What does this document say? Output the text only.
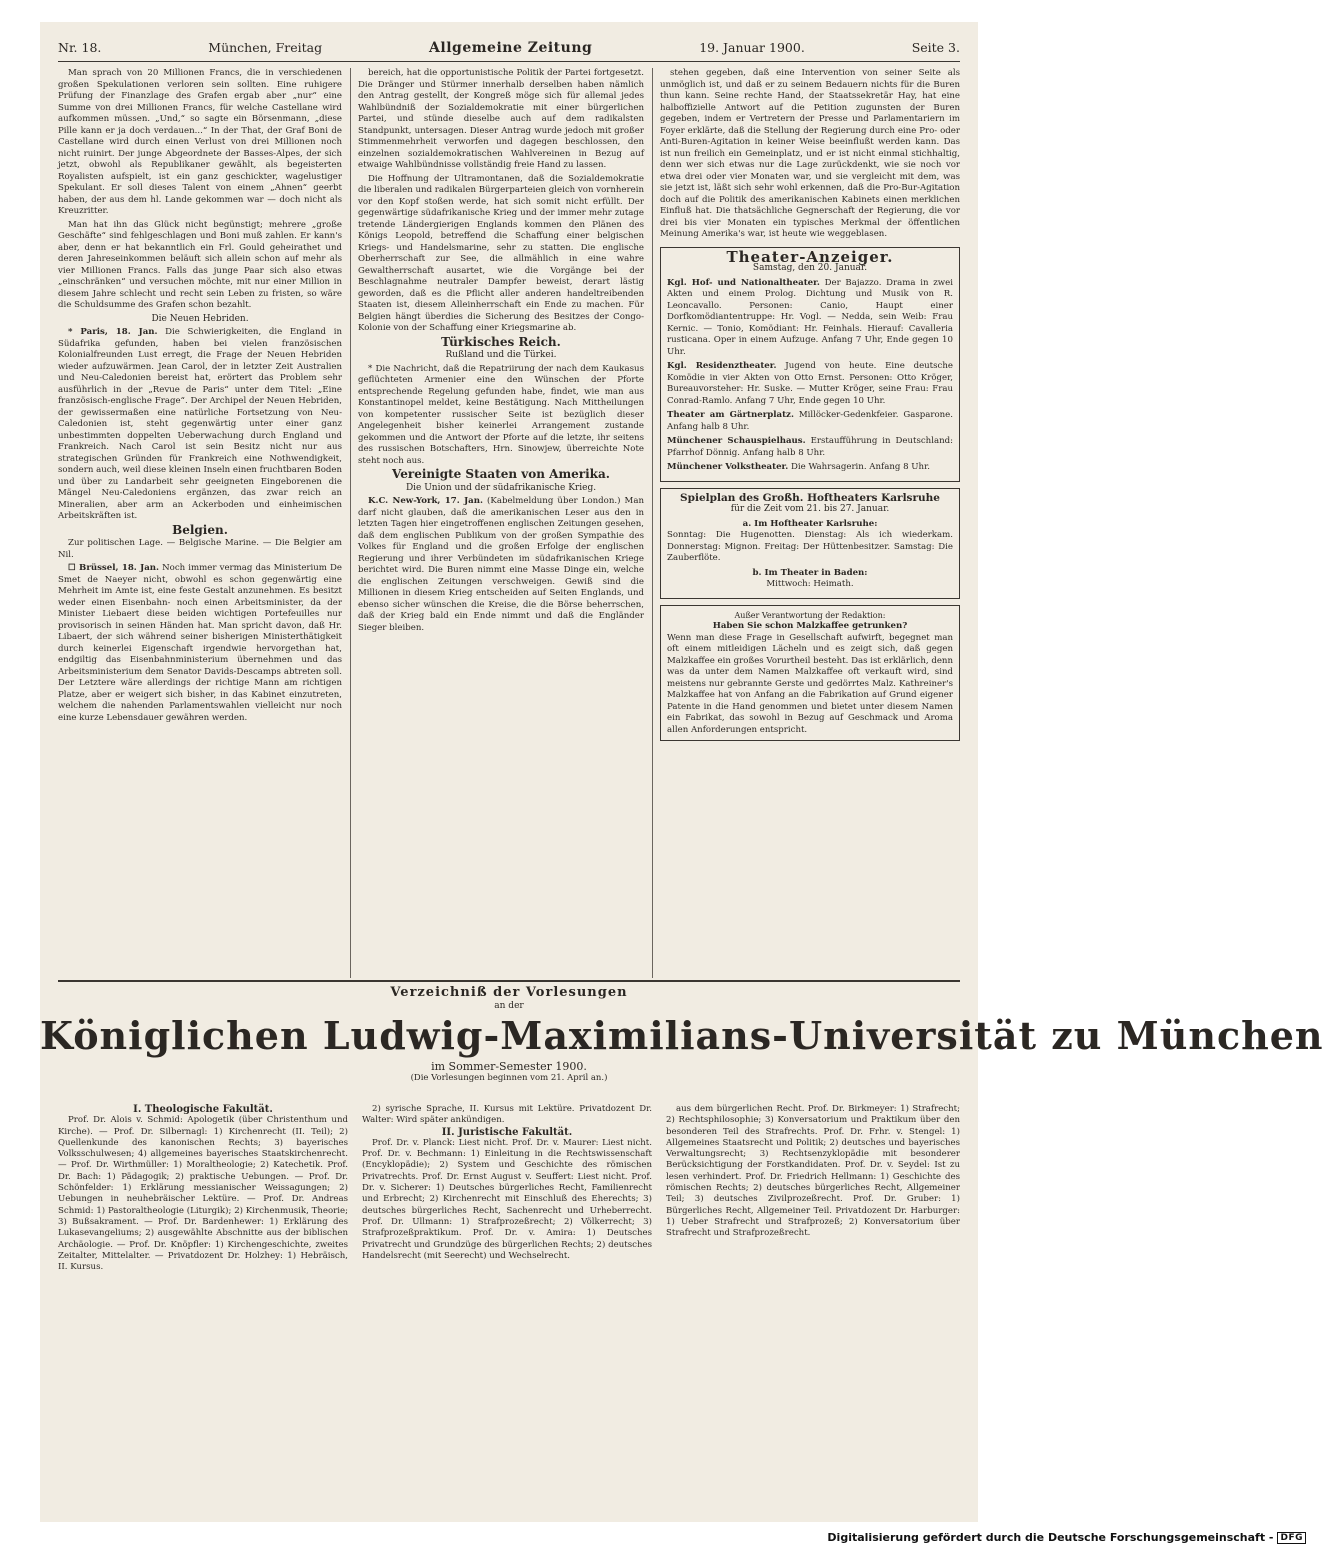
Nr. 18.	München, Freitag	Allgemeine Zeitung	19. Januar 1900.	Seite 3.

Man sprach von 20 Millionen Francs, die in verschiedenen großen Spekulationen verloren sein sollten. Eine ruhigere Prüfung der Finanzlage des Grafen ergab aber „nur“ eine Summe von drei Millionen Francs, für welche Castellane wird aufkommen müssen. „Und,“ so sagte ein Börsenmann, „diese Pille kann er ja doch verdauen...“ In der That, der Graf Boni de Castellane wird durch einen Verlust von drei Millionen noch nicht ruinirt. Der junge Abgeordnete der Basses-Alpes, der sich jetzt, obwohl als Republikaner gewählt, als begeisterten Royalisten aufspielt, ist ein ganz geschickter, wagelustiger Spekulant. Er soll dieses Talent von einem „Ahnen“ geerbt haben, der aus dem hl. Lande gekommen war — doch nicht als Kreuzritter.

Man hat ihn das Glück nicht begünstigt; mehrere „große Geschäfte“ sind fehlgeschlagen und Boni muß zahlen. Er kann's aber, denn er hat bekanntlich ein Frl. Gould geheirathet und deren Jahreseinkommen beläuft sich allein schon auf mehr als vier Millionen Francs. Falls das junge Paar sich also etwas „einschränken“ und versuchen möchte, mit nur einer Million in diesem Jahre schlecht und recht sein Leben zu fristen, so wäre die Schuldsumme des Grafen schon bezahlt.

Die Neuen Hebriden.

* Paris, 18. Jan. Die Schwierigkeiten, die England in Südafrika gefunden, haben bei vielen französischen Kolonialfreunden Lust erregt, die Frage der Neuen Hebriden wieder aufzuwärmen. Jean Carol, der in letzter Zeit Australien und Neu-Caledonien bereist hat, erörtert das Problem sehr ausführlich in der „Revue de Paris“ unter dem Titel: „Eine französisch-englische Frage“. Der Archipel der Neuen Hebriden, der gewissermaßen eine natürliche Fortsetzung von Neu-Caledonien ist, steht gegenwärtig unter einer ganz unbestimmten doppelten Ueberwachung durch England und Frankreich. Nach Carol ist sein Besitz nicht nur aus strategischen Gründen für Frankreich eine Nothwendigkeit, sondern auch, weil diese kleinen Inseln einen fruchtbaren Boden und über zu Landarbeit sehr geeigneten Eingeborenen die Mängel Neu-Caledoniens ergänzen, das zwar reich an Mineralien, aber arm an Ackerboden und einheimischen Arbeitskräften ist.

Belgien.

Zur politischen Lage. — Belgische Marine. — Die Belgier am Nil.

☐ Brüssel, 18. Jan. Noch immer vermag das Ministerium De Smet de Naeyer nicht, obwohl es schon gegenwärtig eine Mehrheit im Amte ist, eine feste Gestalt anzunehmen. Es besitzt weder einen Eisenbahn- noch einen Arbeitsminister, da der Minister Liebaert diese beiden wichtigen Portefeuilles nur provisorisch in seinen Händen hat. Man spricht davon, daß Hr. Libaert, der sich während seiner bisherigen Ministerthätigkeit durch keinerlei Eigenschaft irgendwie hervorgethan hat, endgiltig das Eisenbahnministerium übernehmen und das Arbeitsministerium dem Senator Davids-Descamps abtreten soll. Der Letztere wäre allerdings der richtige Mann am richtigen Platze, aber er weigert sich bisher, in das Kabinet einzutreten, welchem die nahenden Parlamentswahlen vielleicht nur noch eine kurze Lebensdauer gewähren werden.

bereich, hat die opportunistische Politik der Partei fortgesetzt. Die Dränger und Stürmer innerhalb derselben haben nämlich den Antrag gestellt, der Kongreß möge sich für allemal jedes Wahlbündniß der Sozialdemokratie mit einer bürgerlichen Partei, und stünde dieselbe auch auf dem radikalsten Standpunkt, untersagen. Dieser Antrag wurde jedoch mit großer Stimmenmehrheit verworfen und dagegen beschlossen, den einzelnen sozialdemokratischen Wahlvereinen in Bezug auf etwaige Wahlbündnisse vollständig freie Hand zu lassen.

Die Hoffnung der Ultramontanen, daß die Sozialdemokratie die liberalen und radikalen Bürgerparteien gleich von vornherein vor den Kopf stoßen werde, hat sich somit nicht erfüllt. Der gegenwärtige südafrikanische Krieg und der immer mehr zutage tretende Ländergierigen Englands kommen den Plänen des Königs Leopold, betreffend die Schaffung einer belgischen Kriegs- und Handelsmarine, sehr zu statten. Die englische Oberherrschaft zur See, die allmählich in eine wahre Gewaltherrschaft ausartet, wie die Vorgänge bei der Beschlagnahme neutraler Dampfer beweist, derart lästig geworden, daß es die Pflicht aller anderen handeltreibenden Staaten ist, diesem Alleinherrschaft ein Ende zu machen. Für Belgien hängt überdies die Sicherung des Besitzes der Congo-Kolonie von der Schaffung einer Kriegsmarine ab.

Türkisches Reich.

Rußland und die Türkei.

* Die Nachricht, daß die Repatriirung der nach dem Kaukasus geflüchteten Armenier eine den Wünschen der Pforte entsprechende Regelung gefunden habe, findet, wie man aus Konstantinopel meldet, keine Bestätigung. Nach Mittheilungen von kompetenter russischer Seite ist bezüglich dieser Angelegenheit bisher keinerlei Arrangement zustande gekommen und die Antwort der Pforte auf die letzte, ihr seitens des russischen Botschafters, Hrn. Sinowjew, überreichte Note steht noch aus.

Vereinigte Staaten von Amerika.

Die Union und der südafrikanische Krieg.

K.C. New-York, 17. Jan. (Kabelmeldung über London.) Man darf nicht glauben, daß die amerikanischen Leser aus den in letzten Tagen hier eingetroffenen englischen Zeitungen gesehen, daß dem englischen Publikum von der großen Sympathie des Volkes für England und die großen Erfolge der englischen Regierung und ihrer Verbündeten im südafrikanischen Kriege berichtet wird. Die Buren nimmt eine Masse Dinge ein, welche die englischen Zeitungen verschweigen. Gewiß sind die Millionen in diesem Krieg entscheiden auf Seiten Englands, und ebenso sicher wünschen die Kreise, die die Börse beherrschen, daß der Krieg bald ein Ende nimmt und daß die Engländer Sieger bleiben.

stehen gegeben, daß eine Intervention von seiner Seite als unmöglich ist, und daß er zu seinem Bedauern nichts für die Buren thun kann. Seine rechte Hand, der Staatssekretär Hay, hat eine halboffizielle Antwort auf die Petition zugunsten der Buren gegeben, indem er Vertretern der Presse und Parlamentariern im Foyer erklärte, daß die Stellung der Regierung durch eine Pro- oder Anti-Buren-Agitation in keiner Weise beeinflußt werden kann. Das ist nun freilich ein Gemeinplatz, und er ist nicht einmal stichhaltig, denn wer sich etwas nur die Lage zurückdenkt, wie sie noch vor etwa drei oder vier Monaten war, und sie vergleicht mit dem, was sie jetzt ist, läßt sich sehr wohl erkennen, daß die Pro-Bur-Agitation doch auf die Politik des amerikanischen Kabinets einen merklichen Einfluß hat. Die thatsächliche Gegnerschaft der Regierung, die vor drei bis vier Monaten ein typisches Merkmal der öffentlichen Meinung Amerika's war, ist heute wie weggeblasen.

Theater-Anzeiger.
Samstag, den 20. Januar.
Kgl. Hof- und Nationaltheater. Der Bajazzo. Drama in zwei Akten und einem Prolog. Dichtung und Musik von R. Leoncavallo. Personen: Canio, Haupt einer Dorfkomödiantentruppe: Hr. Vogl. — Nedda, sein Weib: Frau Kernic. — Tonio, Komödiant: Hr. Feinhals. Hierauf: Cavalleria rusticana. Oper in einem Aufzuge. Anfang 7 Uhr, Ende gegen 10 Uhr.
Kgl. Residenztheater. Jugend von heute. Eine deutsche Komödie in vier Akten von Otto Ernst. Personen: Otto Kröger, Bureauvorsteher: Hr. Suske. — Mutter Kröger, seine Frau: Frau Conrad-Ramlo. Anfang 7 Uhr, Ende gegen 10 Uhr.
Theater am Gärtnerplatz. Millöcker-Gedenkfeier. Gasparone. Anfang halb 8 Uhr.
Münchener Schauspielhaus. Erstaufführung in Deutschland: Pfarrhof Dönnig. Anfang halb 8 Uhr.
Münchener Volkstheater. Die Wahrsagerin. Anfang 8 Uhr.
Spielplan des Großh. Hoftheaters Karlsruhe
für die Zeit vom 21. bis 27. Januar.
a. Im Hoftheater Karlsruhe:
Sonntag: Die Hugenotten. Dienstag: Als ich wiederkam. Donnerstag: Mignon. Freitag: Der Hüttenbesitzer. Samstag: Die Zauberflöte.
b. Im Theater in Baden:
Mittwoch: Heimath.
Außer Verantwortung der Redaktion:
Haben Sie schon Malzkaffee getrunken?
Wenn man diese Frage in Gesellschaft aufwirft, begegnet man oft einem mitleidigen Lächeln und es zeigt sich, daß gegen Malzkaffee ein großes Vorurtheil besteht. Das ist erklärlich, denn was da unter dem Namen Malzkaffee oft verkauft wird, sind meistens nur gebrannte Gerste und gedörrtes Malz. Kathreiner's Malzkaffee hat von Anfang an die Fabrikation auf Grund eigener Patente in die Hand genommen und bietet unter diesem Namen ein Fabrikat, das sowohl in Bezug auf Geschmack und Aroma allen Anforderungen entspricht.
Verzeichniß der Vorlesungen
an der
Königlichen Ludwig-Maximilians-Universität zu München
im Sommer-Semester 1900.
(Die Vorlesungen beginnen vom 21. April an.)

I. Theologische Fakultät.

Prof. Dr. Alois v. Schmid: Apologetik (über Christenthum und Kirche). — Prof. Dr. Silbernagl: 1) Kirchenrecht (II. Teil); 2) Quellenkunde des kanonischen Rechts; 3) bayerisches Volksschulwesen; 4) allgemeines bayerisches Staatskirchenrecht. — Prof. Dr. Wirthmüller: 1) Moraltheologie; 2) Katechetik. Prof. Dr. Bach: 1) Pädagogik; 2) praktische Uebungen. — Prof. Dr. Schönfelder: 1) Erklärung messianischer Weissagungen; 2) Uebungen in neuhebräischer Lektüre. — Prof. Dr. Andreas Schmid: 1) Pastoraltheologie (Liturgik); 2) Kirchenmusik, Theorie; 3) Bußsakrament. — Prof. Dr. Bardenhewer: 1) Erklärung des Lukasevangeliums; 2) ausgewählte Abschnitte aus der biblischen Archäologie. — Prof. Dr. Knöpfler: 1) Kirchengeschichte, zweites Zeitalter, Mittelalter. — Privatdozent Dr. Holzhey: 1) Hebräisch, II. Kursus.

2) syrische Sprache, II. Kursus mit Lektüre. Privatdozent Dr. Walter: Wird später ankündigen.

II. Juristische Fakultät.

Prof. Dr. v. Planck: Liest nicht. Prof. Dr. v. Maurer: Liest nicht. Prof. Dr. v. Bechmann: 1) Einleitung in die Rechtswissenschaft (Encyklopädie); 2) System und Geschichte des römischen Privatrechts. Prof. Dr. Ernst August v. Seuffert: Liest nicht. Prof. Dr. v. Sicherer: 1) Deutsches bürgerliches Recht, Familienrecht und Erbrecht; 2) Kirchenrecht mit Einschluß des Eherechts; 3) deutsches bürgerliches Recht, Sachenrecht und Urheberrecht. Prof. Dr. Ullmann: 1) Strafprozeßrecht; 2) Völkerrecht; 3) Strafprozeßpraktikum. Prof. Dr. v. Amira: 1) Deutsches Privatrecht und Grundzüge des bürgerlichen Rechts; 2) deutsches Handelsrecht (mit Seerecht) und Wechselrecht.

aus dem bürgerlichen Recht. Prof. Dr. Birkmeyer: 1) Strafrecht; 2) Rechtsphilosophie; 3) Konversatorium und Praktikum über den besonderen Teil des Strafrechts. Prof. Dr. Frhr. v. Stengel: 1) Allgemeines Staatsrecht und Politik; 2) deutsches und bayerisches Verwaltungsrecht; 3) Rechtsenzyklopädie mit besonderer Berücksichtigung der Forstkandidaten. Prof. Dr. v. Seydel: Ist zu lesen verhindert. Prof. Dr. Friedrich Hellmann: 1) Geschichte des römischen Rechts; 2) deutsches bürgerliches Recht, Allgemeiner Teil; 3) deutsches Zivilprozeßrecht. Prof. Dr. Gruber: 1) Bürgerliches Recht, Allgemeiner Teil. Privatdozent Dr. Harburger: 1) Ueber Strafrecht und Strafprozeß; 2) Konversatorium über Strafrecht und Strafprozeßrecht.

Digitalisierung gefördert durch die Deutsche Forschungsgemeinschaft - DFG
